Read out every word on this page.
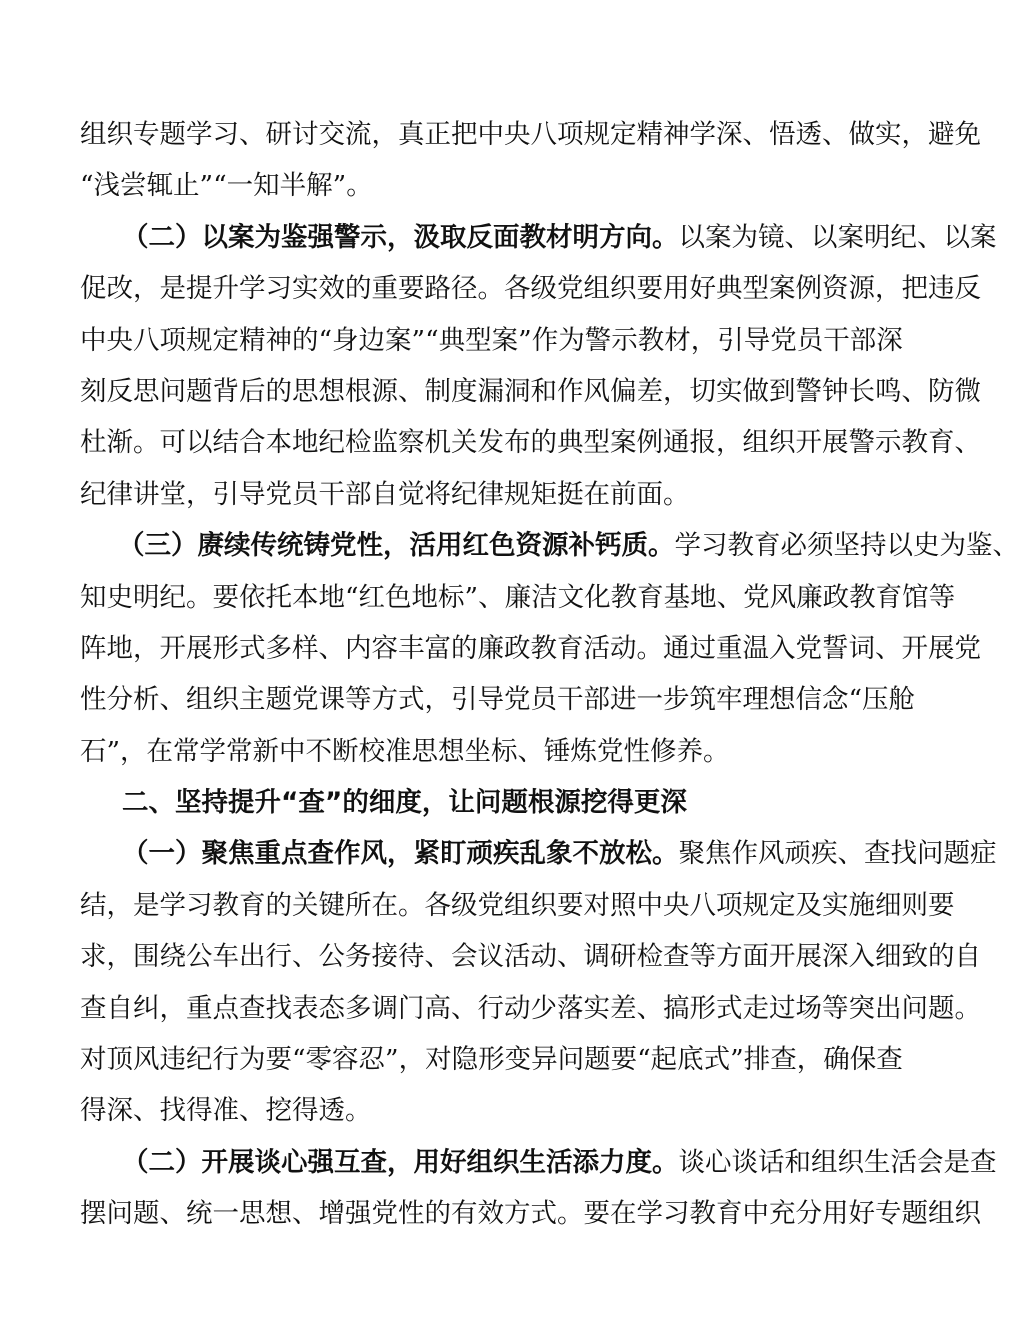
组织专题学习、研讨交流，真正把中央八项规定精神学深、悟透、做实，避免
“浅尝辄止”“一知半解”。
（二）以案为鉴强警示，汲取反面教材明方向。以案为镜、以案明纪、以案
促改，是提升学习实效的重要路径。各级党组织要用好典型案例资源，把违反
中央八项规定精神的“身边案”“典型案”作为警示教材，引导党员干部深
刻反思问题背后的思想根源、制度漏洞和作风偏差，切实做到警钟长鸣、防微
杜渐。可以结合本地纪检监察机关发布的典型案例通报，组织开展警示教育、
纪律讲堂，引导党员干部自觉将纪律规矩挺在前面。
（三）赓续传统铸党性，活用红色资源补钙质。学习教育必须坚持以史为鉴、
知史明纪。要依托本地“红色地标”、廉洁文化教育基地、党风廉政教育馆等
阵地，开展形式多样、内容丰富的廉政教育活动。通过重温入党誓词、开展党
性分析、组织主题党课等方式，引导党员干部进一步筑牢理想信念“压舱
石”，在常学常新中不断校准思想坐标、锤炼党性修养。
二、坚持提升“查”的细度，让问题根源挖得更深
（一）聚焦重点查作风，紧盯顽疾乱象不放松。聚焦作风顽疾、查找问题症
结，是学习教育的关键所在。各级党组织要对照中央八项规定及实施细则要
求，围绕公车出行、公务接待、会议活动、调研检查等方面开展深入细致的自
查自纠，重点查找表态多调门高、行动少落实差、搞形式走过场等突出问题。
对顶风违纪行为要“零容忍”，对隐形变异问题要“起底式”排查，确保查
得深、找得准、挖得透。
（二）开展谈心强互查，用好组织生活添力度。谈心谈话和组织生活会是查
摆问题、统一思想、增强党性的有效方式。要在学习教育中充分用好专题组织
